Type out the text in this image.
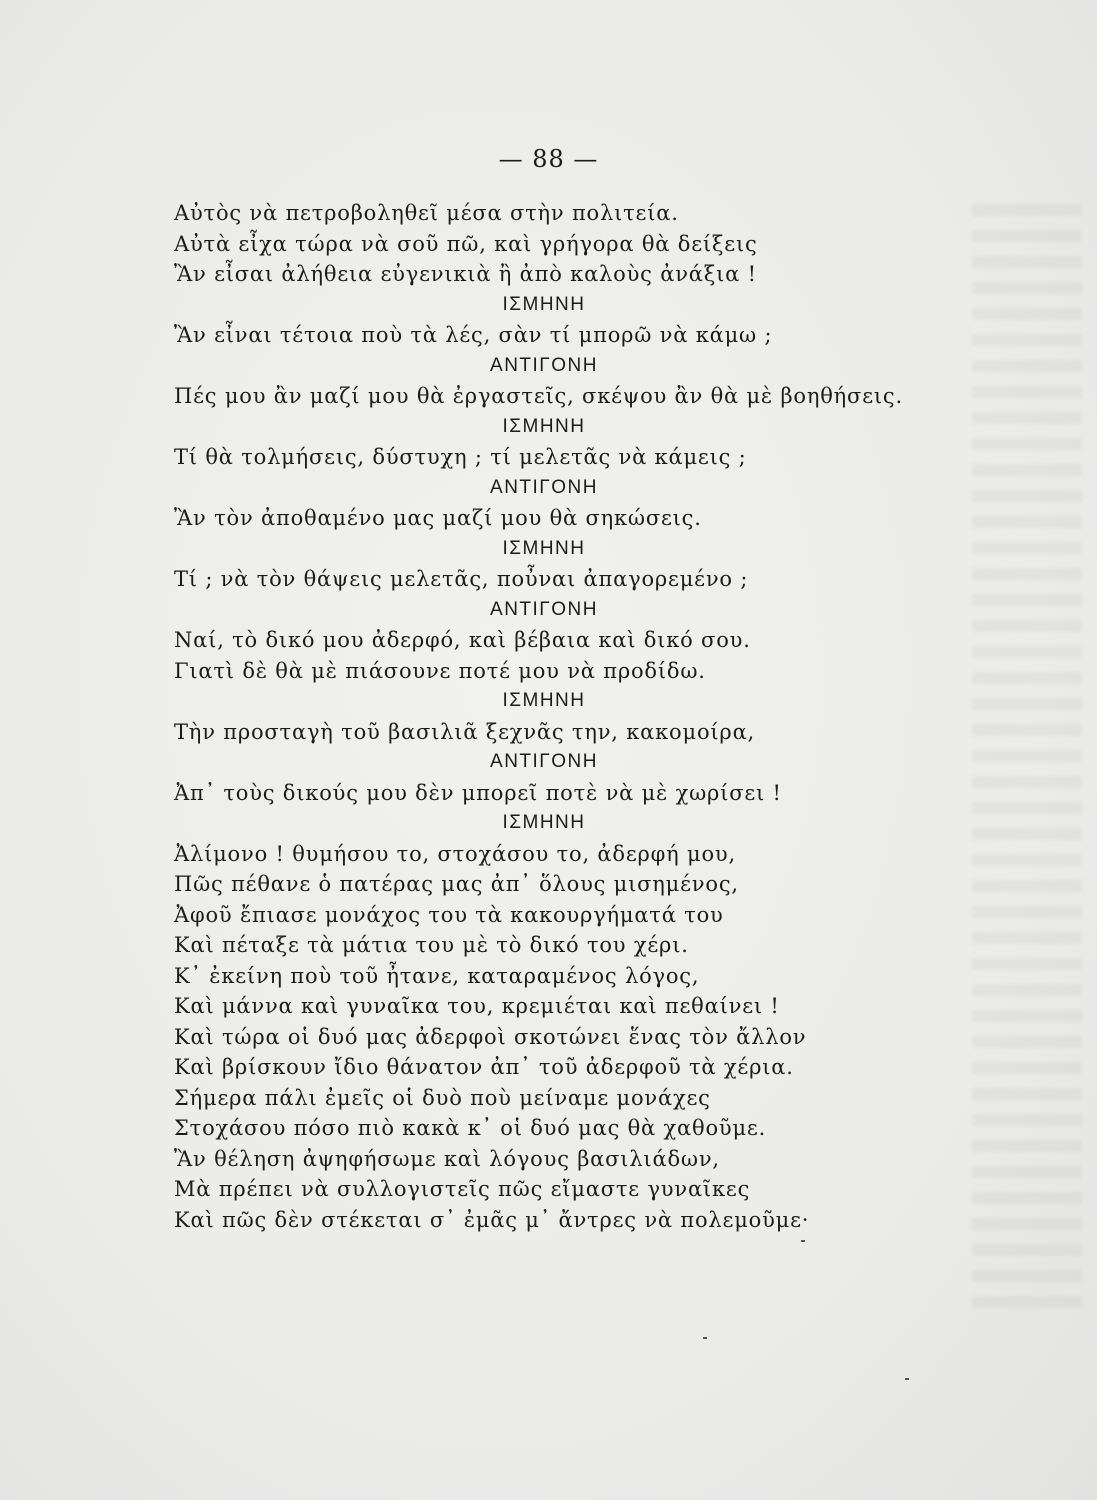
— 88 —
Αὐτὸς νὰ πετροβοληθεῖ μέσα στὴν πολιτεία.
Αὐτὰ εἶχα τώρα νὰ σοῦ πῶ, καὶ γρήγορα θὰ δείξεις
Ἂν εἶσαι ἀλήθεια εὐγενικιὰ ἢ ἀπὸ καλοὺς ἀνάξια !
ΙΣΜΗΝΗ
Ἂν εἶναι τέτοια ποὺ τὰ λές, σὰν τί μπορῶ νὰ κάμω ;
ΑΝΤΙΓΟΝΗ
Πές μου ἂν μαζί μου θὰ ἐργαστεῖς, σκέψου ἂν θὰ μὲ βοηθήσεις.
ΙΣΜΗΝΗ
Τί θὰ τολμήσεις, δύστυχη ; τί μελετᾶς νὰ κάμεις ;
ΑΝΤΙΓΟΝΗ
Ἂν τὸν ἀποθαμένο μας μαζί μου θὰ σηκώσεις.
ΙΣΜΗΝΗ
Τί ; νὰ τὸν θάψεις μελετᾶς, ποὖναι ἀπαγορεμένο ;
ΑΝΤΙΓΟΝΗ
Ναί, τὸ δικό μου ἀδερφό, καὶ βέβαια καὶ δικό σου.
Γιατὶ δὲ θὰ μὲ πιάσουνε ποτέ μου νὰ προδίδω.
ΙΣΜΗΝΗ
Τὴν προσταγὴ τοῦ βασιλιᾶ ξεχνᾶς την, κακομοίρα,
ΑΝΤΙΓΟΝΗ
Ἀπ᾿ τοὺς δικούς μου δὲν μπορεῖ ποτὲ νὰ μὲ χωρίσει !
ΙΣΜΗΝΗ
Ἀλίμονο ! θυμήσου το, στοχάσου το, ἀδερφή μου,
Πῶς πέθανε ὁ πατέρας μας ἀπ᾿ ὅλους μισημένος,
Ἀφοῦ ἔπιασε μονάχος του τὰ κακουργήματά του
Καὶ πέταξε τὰ μάτια του μὲ τὸ δικό του χέρι.
Κ᾿ ἐκείνη ποὺ τοῦ ἦτανε, καταραμένος λόγος,
Καὶ μάννα καὶ γυναῖκα του, κρεμιέται καὶ πεθαίνει !
Καὶ τώρα οἱ δυό μας ἀδερφοὶ σκοτώνει ἕνας τὸν ἄλλον
Καὶ βρίσκουν ἴδιο θάνατον ἀπ᾿ τοῦ ἀδερφοῦ τὰ χέρια.
Σήμερα πάλι ἐμεῖς οἱ δυὸ ποὺ μείναμε μονάχες
Στοχάσου πόσο πιὸ κακὰ κ᾿ οἱ δυό μας θὰ χαθοῦμε.
Ἂν θέληση ἀψηφήσωμε καὶ λόγους βασιλιάδων,
Μὰ πρέπει νὰ συλλογιστεῖς πῶς εἴμαστε γυναῖκες
Καὶ πῶς δὲν στέκεται σ᾿ ἐμᾶς μ᾿ ἄντρες νὰ πολεμοῦμε·
